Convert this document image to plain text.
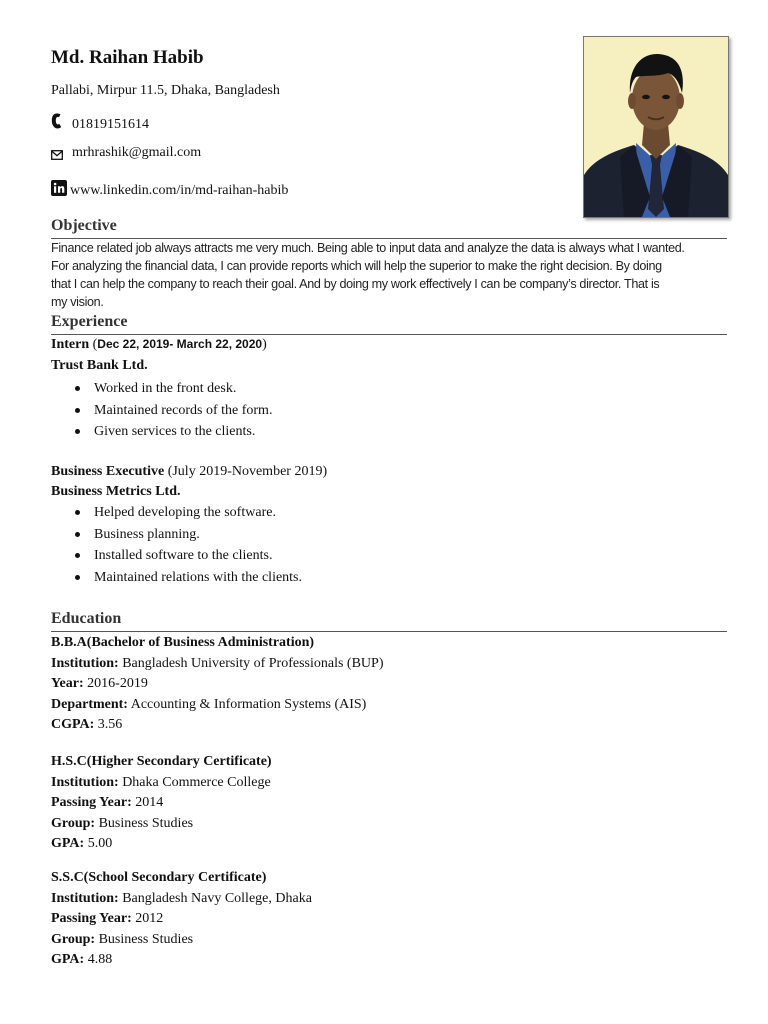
Md. Raihan Habib
Pallabi, Mirpur 11.5, Dhaka, Bangladesh
01819151614
mrhrashik@gmail.com
www.linkedin.com/in/md-raihan-habib
Objective
Finance related job always attracts me very much. Being able to input data and analyze the data is always what I wanted.
For analyzing the financial data, I can provide reports which will help the superior to make the right decision. By doing
that I can help the company to reach their goal. And by doing my work effectively I can be company’s director. That is
my vision.
Experience
Intern (Dec 22, 2019- March 22, 2020)
Trust Bank Ltd.
Worked in the front desk.
Maintained records of the form.
Given services to the clients.
Business Executive (July 2019-November 2019)
Business Metrics Ltd.
Helped developing the software.
Business planning.
Installed software to the clients.
Maintained relations with the clients.
Education
B.B.A(Bachelor of Business Administration)
Institution: Bangladesh University of Professionals (BUP)
Year: 2016-2019
Department: Accounting & Information Systems (AIS)
CGPA: 3.56
H.S.C(Higher Secondary Certificate)
Institution: Dhaka Commerce College
Passing Year: 2014
Group: Business Studies
GPA: 5.00
S.S.C(School Secondary Certificate)
Institution: Bangladesh Navy College, Dhaka
Passing Year: 2012
Group: Business Studies
GPA: 4.88
